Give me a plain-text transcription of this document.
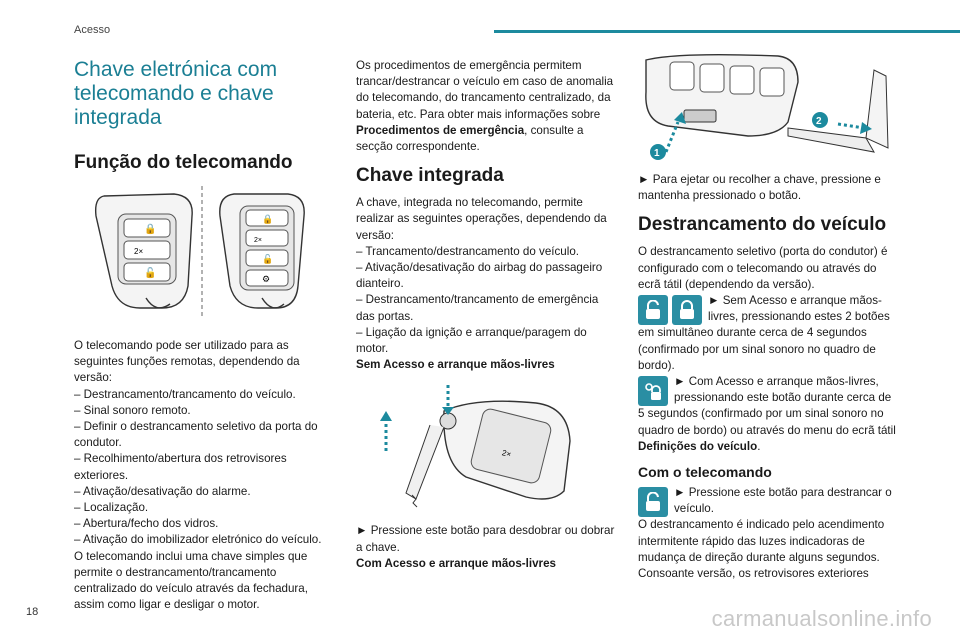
Acesso
Chave eletrónica com telecomando e chave integrada
Função do telecomando
🔒
2×
🔓
🔒
2×
🔓
⚙

O telecomando pode ser utilizado para as seguintes funções remotas, dependendo da versão:

– Destrancamento/trancamento do veículo.

– Sinal sonoro remoto.

– Definir o destrancamento seletivo da porta do condutor.

– Recolhimento/abertura dos retrovisores exteriores.

– Ativação/desativação do alarme.

– Localização.

– Abertura/fecho dos vidros.

– Ativação do imobilizador eletrónico do veículo.

O telecomando inclui uma chave simples que permite o destrancamento/trancamento centralizado do veículo através da fechadura, assim como ligar e desligar o motor.

Os procedimentos de emergência permitem trancar/destrancar o veículo em caso de anomalia do telecomando, do trancamento centralizado, da bateria, etc. Para obter mais informações sobre Procedimentos de emergência, consulte a secção correspondente.

Chave integrada

A chave, integrada no telecomando, permite realizar as seguintes operações, dependendo da versão:

– Trancamento/destrancamento do veículo.

– Ativação/desativação do airbag do passageiro dianteiro.

– Destrancamento/trancamento de emergência das portas.

– Ligação da ignição e arranque/paragem do motor.

Sem Acesso e arranque mãos-livres

2×

► Pressione este botão para desdobrar ou dobrar a chave.

Com Acesso e arranque mãos-livres

1
2

► Para ejetar ou recolher a chave, pressione e mantenha pressionado o botão.

Destrancamento do veículo

O destrancamento seletivo (porta do condutor) é configurado com o telecomando ou através do ecrã tátil (dependendo da versão).

► Sem Acesso e arranque mãos-livres, pressionando estes 2 botões em simultâneo durante cerca de 4 segundos (confirmado por um sinal sonoro no quadro de bordo).

► Com Acesso e arranque mãos-livres, pressionando este botão durante cerca de 5 segundos (confirmado por um sinal sonoro no quadro de bordo) ou através do menu do ecrã tátil Definições do veículo.

Com o telecomando

► Pressione este botão para destrancar o veículo.

O destrancamento é indicado pelo acendimento intermitente rápido das luzes indicadoras de mudança de direção durante alguns segundos. Consoante versão, os retrovisores exteriores

18	carmanualsonline.info
